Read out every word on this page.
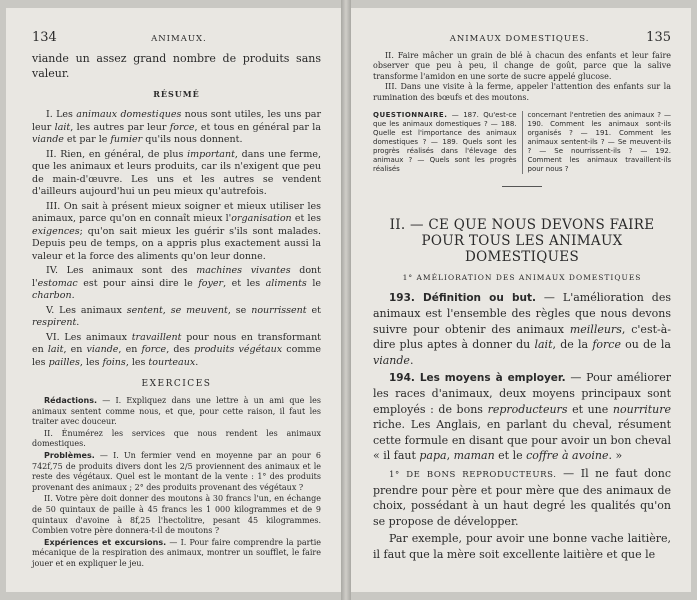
134	ANIMAUX.

viande un assez grand nombre de produits sans valeur.

RÉSUMÉ

I. Les animaux domestiques nous sont utiles, les uns par leur lait, les autres par leur force, et tous en général par la viande et par le fumier qu'ils nous donnent.

II. Rien, en général, de plus important, dans une ferme, que les animaux et leurs produits, car ils n'exigent que peu de main-d'œuvre. Les uns et les autres se vendent d'ailleurs aujourd'hui un peu mieux qu'autrefois.

III. On sait à présent mieux soigner et mieux utiliser les animaux, parce qu'on en connaît mieux l'organisation et les exigences; qu'on sait mieux les guérir s'ils sont malades. Depuis peu de temps, on a appris plus exactement aussi la valeur et la force des aliments qu'on leur donne.

IV. Les animaux sont des machines vivantes dont l'estomac est pour ainsi dire le foyer, et les aliments le charbon.

V. Les animaux sentent, se meuvent, se nourrissent et respirent.

VI. Les animaux travaillent pour nous en transformant en lait, en viande, en force, des produits végétaux comme les pailles, les foins, les tourteaux.

EXERCICES

Rédactions. — I. Expliquez dans une lettre à un ami que les animaux sentent comme nous, et que, pour cette raison, il faut les traiter avec douceur.

II. Énumérez les services que nous rendent les animaux domestiques.

Problèmes. — I. Un fermier vend en moyenne par an pour 6 742f,75 de produits divers dont les 2/5 proviennent des animaux et le reste des végétaux. Quel est le montant de la vente : 1° des produits provenant des animaux ; 2° des produits provenant des végétaux ?

II. Votre père doit donner des moutons à 30 francs l'un, en échange de 50 quintaux de paille à 45 francs les 1 000 kilogrammes et de 9 quintaux d'avoine à 8f,25 l'hectolitre, pesant 45 kilogrammes. Combien votre père donnera-t-il de moutons ?

Expériences et excursions. — I. Pour faire comprendre la partie mécanique de la respiration des animaux, montrer un soufflet, le faire jouer et en expliquer le jeu.

ANIMAUX DOMESTIQUES.	135

II. Faire mâcher un grain de blé à chacun des enfants et leur faire observer que peu à peu, il change de goût, parce que la salive transforme l'amidon en une sorte de sucre appelé glucose.

III. Dans une visite à la ferme, appeler l'attention des enfants sur la rumination des bœufs et des moutons.

QUESTIONNAIRE. — 187. Qu'est-ce que les animaux domestiques ? — 188. Quelle est l'importance des animaux domestiques ? — 189. Quels sont les progrès réalisés dans l'élevage des animaux ? — Quels sont les progrès réalisés
concernant l'entretien des animaux ? — 190. Comment les animaux sont-ils organisés ? — 191. Comment les animaux sentent-ils ? — Se meuvent-ils ? — Se nourrissent-ils ? — 192. Comment les animaux travaillent-ils pour nous ?
II. — CE QUE NOUS DEVONS FAIRE POUR TOUS LES ANIMAUX DOMESTIQUES
1° AMÉLIORATION DES ANIMAUX DOMESTIQUES

193. Définition ou but. — L'amélioration des animaux est l'ensemble des règles que nous devons suivre pour obtenir des animaux meilleurs, c'est-à-dire plus aptes à donner du lait, de la force ou de la viande.

194. Les moyens à employer. — Pour améliorer les races d'animaux, deux moyens principaux sont employés : de bons reproducteurs et une nourriture riche. Les Anglais, en parlant du cheval, résument cette formule en disant que pour avoir un bon cheval « il faut papa, maman et le coffre à avoine. »

1° DE BONS REPRODUCTEURS. — Il ne faut donc prendre pour père et pour mère que des animaux de choix, possédant à un haut degré les qualités qu'on se propose de développer.

Par exemple, pour avoir une bonne vache laitière, il faut que la mère soit excellente laitière et que le
